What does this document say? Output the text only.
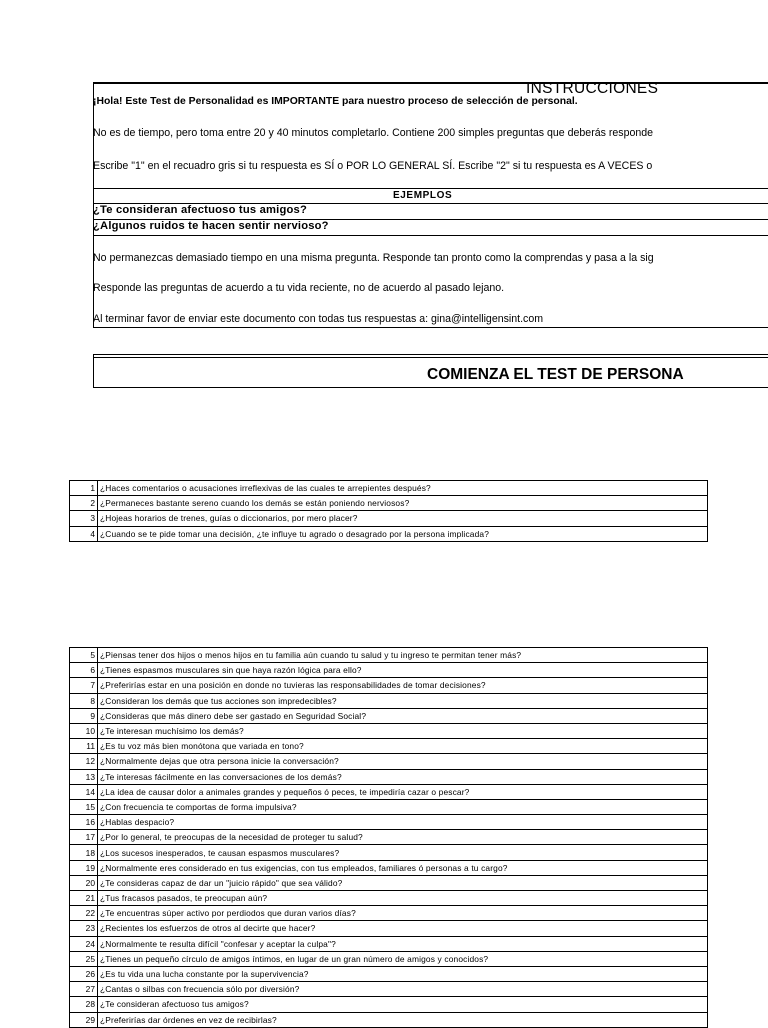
INSTRUCCIONES
¡Hola! Este Test de Personalidad es IMPORTANTE para nuestro proceso de selección de personal.
No es de tiempo, pero toma entre 20 y 40 minutos completarlo. Contiene 200 simples preguntas que deberás responde
Escribe "1" en el recuadro gris si tu respuesta es SÍ o POR LO GENERAL SÍ. Escribe "2" si tu respuesta es A VECES o
EJEMPLOS
¿Te consideran afectuoso tus amigos?
¿Algunos ruidos te hacen sentir nervioso?
No permanezcas demasiado tiempo en una misma pregunta. Responde tan pronto como la comprendas y pasa a la sig
Responde las preguntas de acuerdo a tu vida reciente, no de acuerdo al pasado lejano.
Al terminar favor de enviar este documento con todas tus respuestas a: gina@intelligensint.com
COMIENZA EL TEST DE PERSONA
1	¿Haces comentarios o acusaciones irreflexivas de las cuales te arrepientes después?
2	¿Permaneces bastante sereno cuando los demás se están poniendo nerviosos?
3	¿Hojeas horarios de trenes, guías o diccionarios, por mero placer?
4	¿Cuando se te pide tomar una decisión, ¿te influye tu agrado o desagrado por la persona implicada?
5	¿Piensas tener dos hijos o menos hijos en tu familia aún cuando tu salud y tu ingreso te permitan tener más?
6	¿Tienes espasmos musculares sin que haya razón lógica para ello?
7	¿Preferirías estar en una posición en donde no tuvieras las responsabilidades de tomar decisiones?
8	¿Consideran los demás que tus acciones son impredecibles?
9	¿Consideras que más dinero debe ser gastado en Seguridad Social?
10	¿Te interesan muchísimo los demás?
11	¿Es tu voz más bien monótona que variada en tono?
12	¿Normalmente dejas que otra persona inicie la conversación?
13	¿Te interesas fácilmente en las conversaciones de los demás?
14	¿La idea de causar dolor a animales grandes y pequeños ó peces, te impediría cazar o pescar?
15	¿Con frecuencia te comportas de forma impulsiva?
16	¿Hablas despacio?
17	¿Por lo general, te preocupas de la necesidad de proteger tu salud?
18	¿Los sucesos inesperados, te causan espasmos musculares?
19	¿Normalmente eres considerado en tus exigencias, con tus empleados, familiares ó personas a tu cargo?
20	¿Te consideras capaz de dar un "juicio rápido" que sea válido?
21	¿Tus fracasos pasados, te preocupan aún?
22	¿Te encuentras súper activo por perdiodos que duran varios días?
23	¿Recientes los esfuerzos de otros al decirte que hacer?
24	¿Normalmente te resulta difícil "confesar y aceptar la culpa"?
25	¿Tienes un pequeño círculo de amigos íntimos, en lugar de un gran número de amigos y conocidos?
26	¿Es tu vida una lucha constante por la supervivencia?
27	¿Cantas o silbas con frecuencia sólo por diversión?
28	¿Te consideran afectuoso tus amigos?
29	¿Preferirías dar órdenes en vez de recibirlas?
